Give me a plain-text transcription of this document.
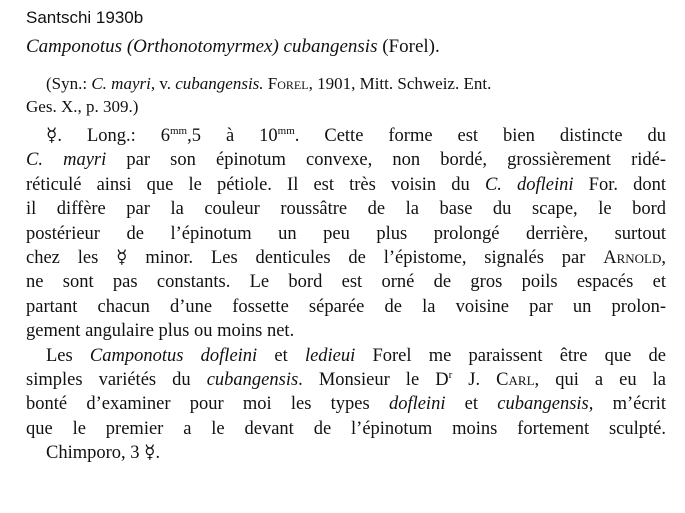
Santschi 1930b
Camponotus (Orthonotomyrmex) cubangensis (Forel).
(Syn.: C. mayri, v. cubangensis. Forel, 1901, Mitt. Schweiz. Ent.
Ges. X., p. 309.)
☿. Long.: $6^{mm},5$ à $10^{mm}$. Cette forme est bien distincte du
C. mayri par son épinotum convexe, non bordé, grossièrement ridé-
réticulé ainsi que le pétiole. Il est très voisin du C. dofleini For. dont
il diffère par la couleur roussâtre de la base du scape, le bord
postérieur de l’épinotum un peu plus prolongé derrière, surtout
chez les ☿ minor. Les denticules de l’épistome, signalés par Arnold,
ne sont pas constants. Le bord est orné de gros poils espacés et
partant chacun d’une fossette séparée de la voisine par un prolon-
gement angulaire plus ou moins net.
Les Camponotus dofleini et ledieui Forel me paraissent être que de
simples variétés du cubangensis. Monsieur le $D^r$ J. Carl, qui a eu la
bonté d’examiner pour moi les types dofleini et cubangensis, m’écrit
que le premier a le devant de l’épinotum moins fortement sculpté.
Chimporo, 3 ☿.
